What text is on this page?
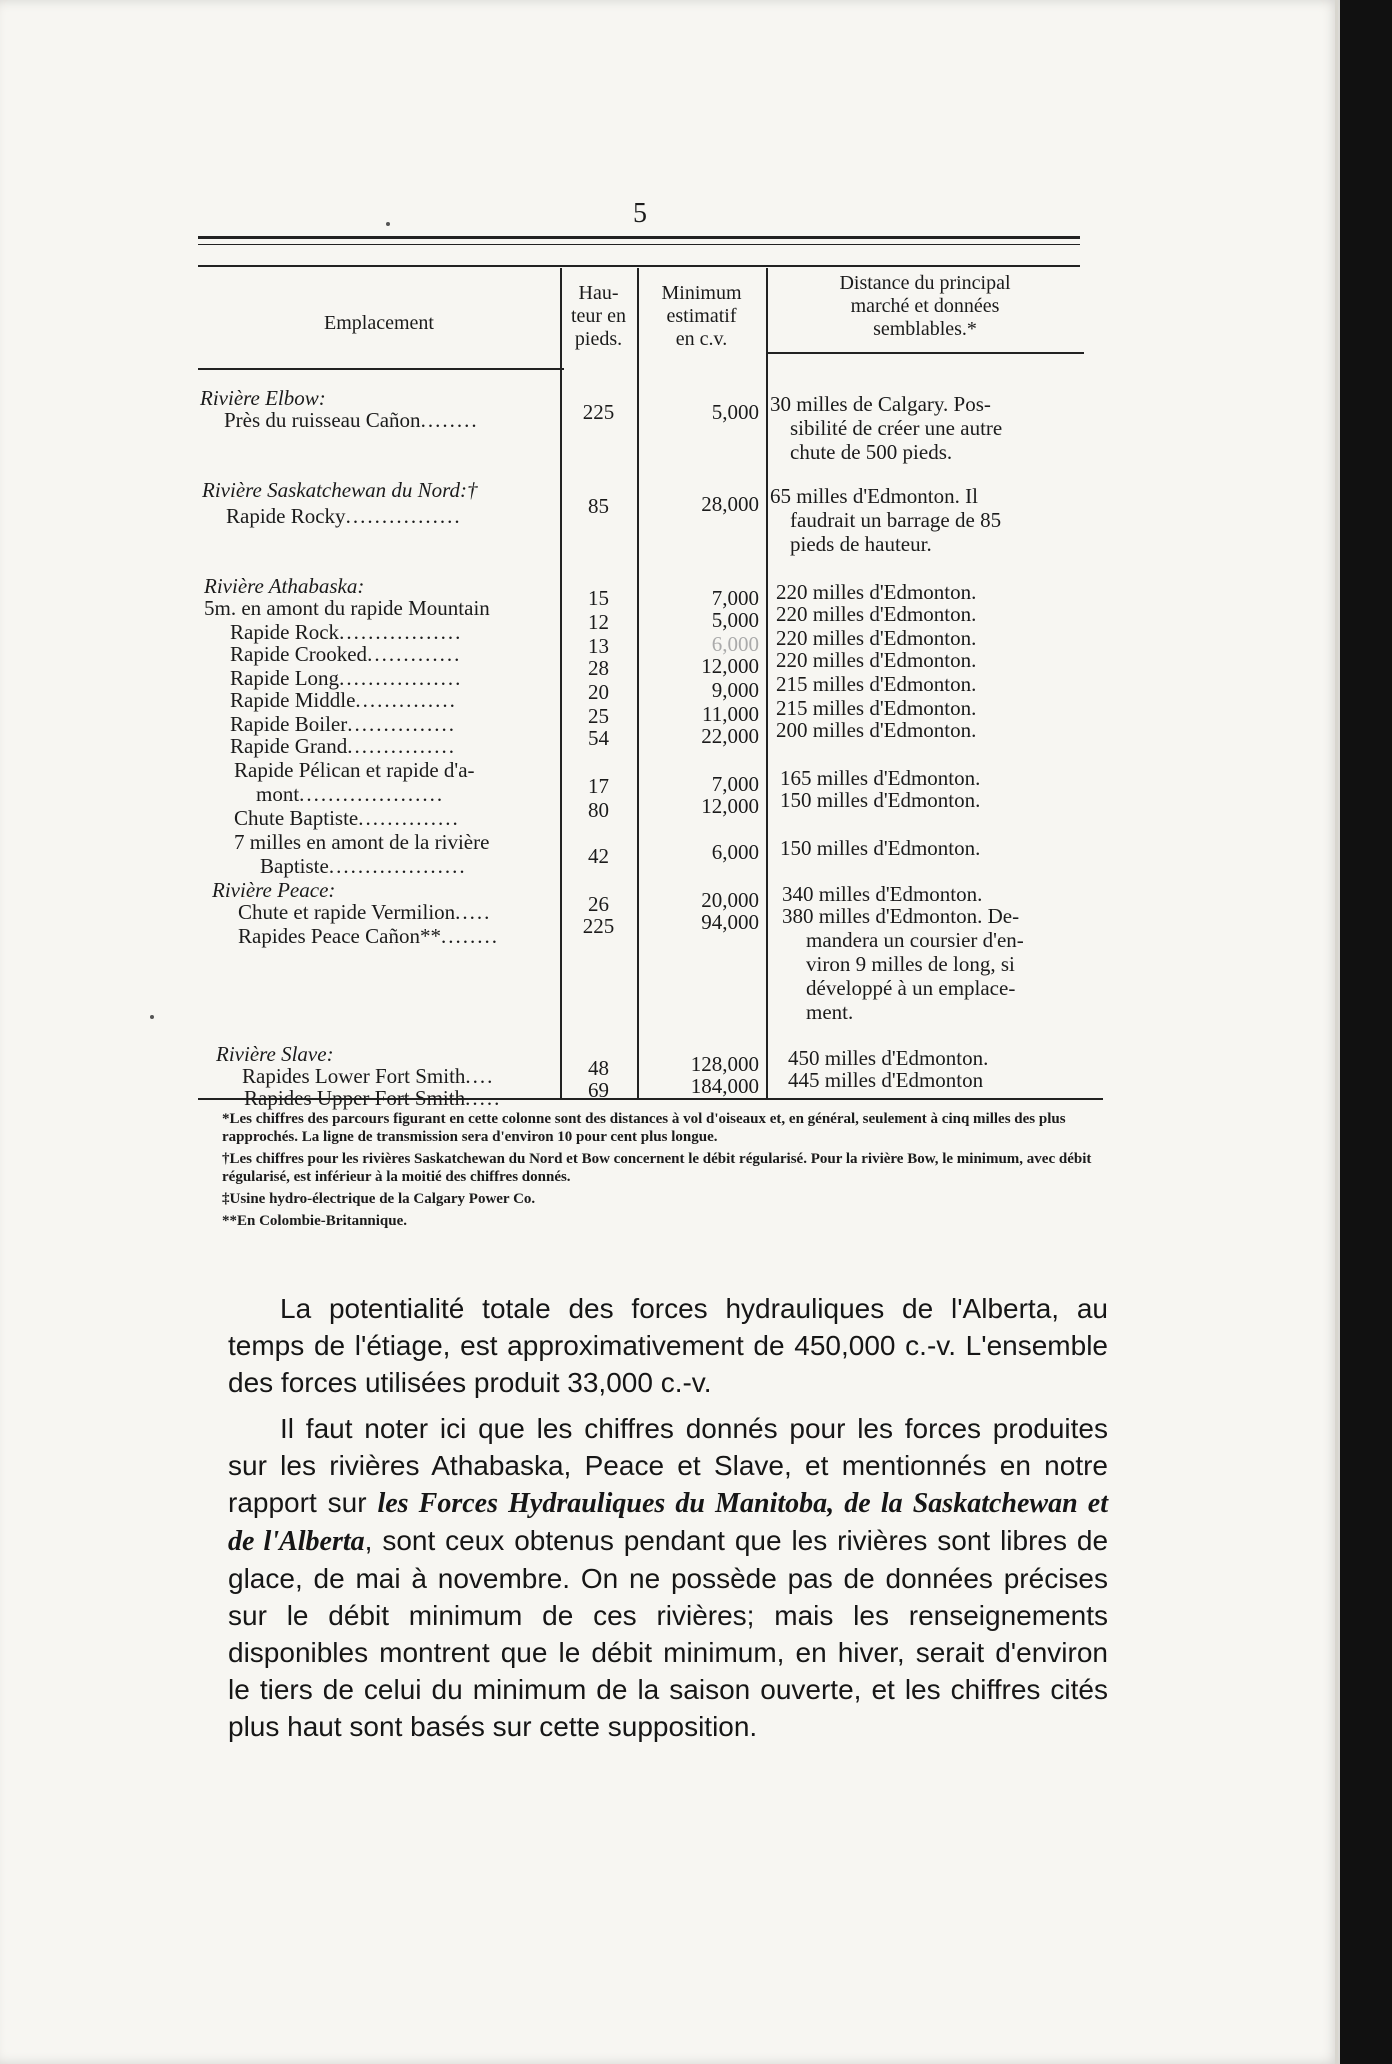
5
Emplacement
Hau-
teur en
pieds.
Minimum
estimatif
en c.v.
Distance du principal
marché et données
semblables.*
Rivière Elbow:
Près du ruisseau Cañon........	225	5,000 30 milles de Calgary. Pos-
sibilité de créer une autre
chute de 500 pieds.
Rivière Saskatchewan du Nord:†
Rapide Rocky................	85	28,000 65 milles d'Edmonton. Il
faudrait un barrage de 85
pieds de hauteur.
Rivière Athabaska:
5m. en amont du rapide Mountain	15	7,000 220 milles d'Edmonton.
Rapide Rock.................	12	5,000 220 milles d'Edmonton.
Rapide Crooked.............	13	6,000 220 milles d'Edmonton.
Rapide Long.................	28	12,000 220 milles d'Edmonton.
Rapide Middle..............	20	9,000 215 milles d'Edmonton.
Rapide Boiler...............	25	11,000 215 milles d'Edmonton.
Rapide Grand...............	54	22,000 200 milles d'Edmonton.
Rapide Pélican et rapide d'a-
mont....................	17	7,000 165 milles d'Edmonton.
Chute Baptiste..............	80	12,000 150 milles d'Edmonton.
7 milles en amont de la rivière
Baptiste...................	42	6,000 150 milles d'Edmonton.
Rivière Peace:
Chute et rapide Vermilion.....	26	20,000 340 milles d'Edmonton.
Rapides Peace Cañon**........	225	94,000 380 milles d'Edmonton. De-
mandera un coursier d'en-
viron 9 milles de long, si
développé à un emplace-
ment.
Rivière Slave:
Rapides Lower Fort Smith....	48	128,000 450 milles d'Edmonton.
Rapides Upper Fort Smith.....	69	184,000 445 milles d'Edmonton

*Les chiffres des parcours figurant en cette colonne sont des distances à vol d'oiseaux et, en général, seulement à cinq milles des plus rapprochés. La ligne de transmission sera d'environ 10 pour cent plus longue.

†Les chiffres pour les rivières Saskatchewan du Nord et Bow concernent le débit régularisé. Pour la rivière Bow, le minimum, avec débit régularisé, est inférieur à la moitié des chiffres donnés.

‡Usine hydro-électrique de la Calgary Power Co.

**En Colombie-Britannique.

La potentialité totale des forces hydrauliques de l'Alberta, au temps de l'étiage, est approximativement de 450,000 c.-v. L'ensemble des forces utilisées produit 33,000 c.-v.
Il faut noter ici que les chiffres donnés pour les forces produites sur les rivières Athabaska, Peace et Slave, et mentionnés en notre rapport sur les Forces Hydrauliques du Manitoba, de la Saskatchewan et de l'Alberta, sont ceux obtenus pendant que les rivières sont libres de glace, de mai à novembre. On ne possède pas de données précises sur le débit minimum de ces rivières; mais les renseignements disponibles montrent que le débit minimum, en hiver, serait d'environ le tiers de celui du minimum de la saison ouverte, et les chiffres cités plus haut sont basés sur cette supposition.
